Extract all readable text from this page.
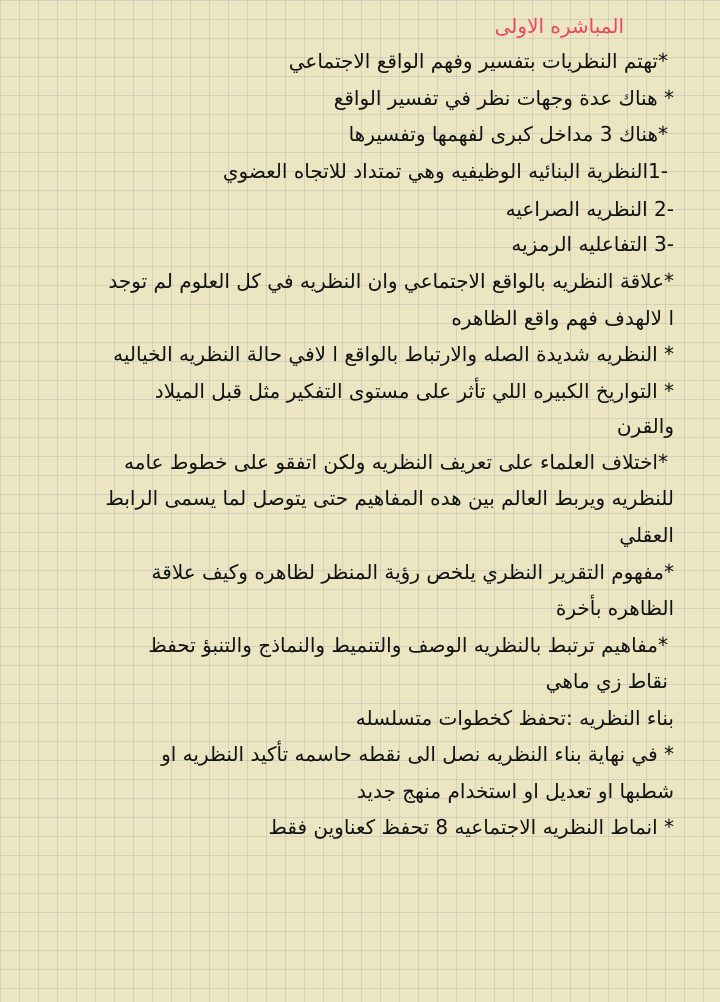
المباشره الاولى

*تهتم النظريات بتفسير وفهم الواقع الاجتماعي

* هناك عدة وجهات نظر في تفسير الواقع

*هناك 3 مداخل كبرى لفهمها وتفسيرها

-1النظرية البنائيه الوظيفيه وهي تمتداد للاتجاه العضوي

-2 النظريه الصراعيه

-3 التفاعليه الرمزيه

*علاقة النظريه بالواقع الاجتماعي وان النظريه في كل العلوم لم توجد

ا لالهدف فهم واقع الظاهره

* النظريه شديدة الصله والارتباط بالواقع ا لافي حالة النظريه الخياليه

* التواريخ الكبيره اللي تأثر على مستوى التفكير مثل قبل الميلاد

والقرن

*اختلاف العلماء على تعريف النظريه ولكن اتفقو على خطوط عامه

للنظريه ويربط العالم بين هده المفاهيم حتى يتوصل لما يسمى الرابط

العقلي

*مفهوم التقرير النظري يلخص رؤية المنظر لظاهره وكيف علاقة

الظاهره بأخرة

*مفاهيم ترتبط بالنظريه الوصف والتنميط والنماذج والتنبؤ تحفظ

نقاط زي ماهي

بناء النظريه :تحفظ كخطوات متسلسله

* في نهاية بناء النظريه نصل الى نقطه حاسمه تأكيد النظريه او

شطبها او تعديل او استخدام منهج جديد

* انماط النظريه الاجتماعيه 8 تحفظ كعناوين فقط
